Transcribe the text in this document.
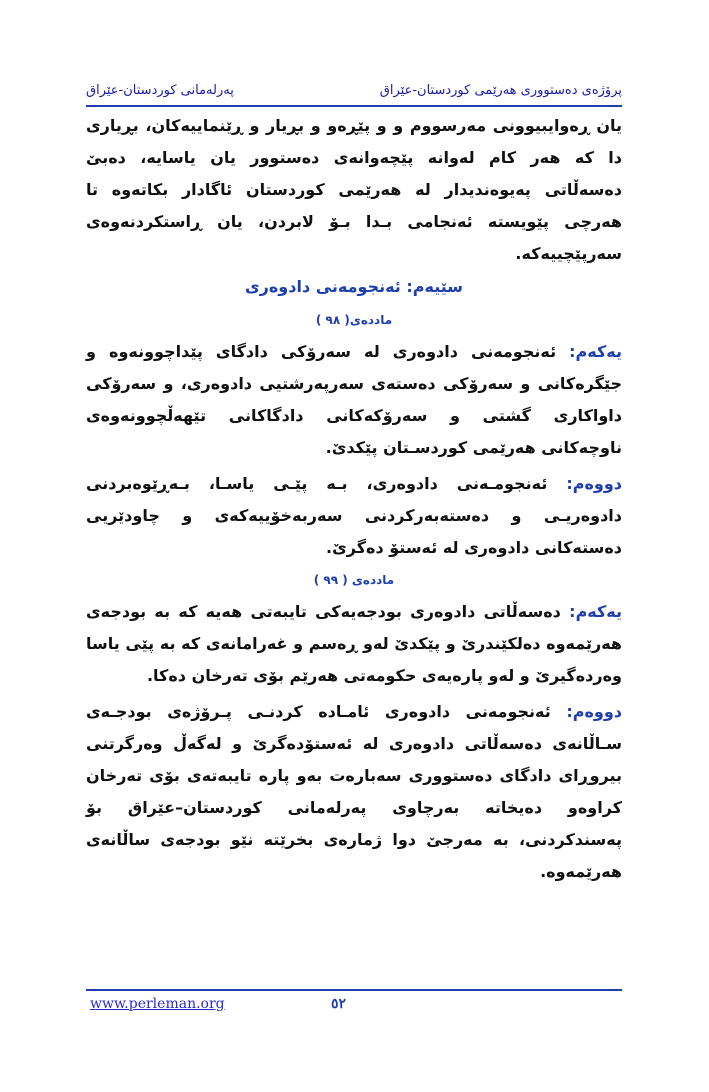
پەرلەمانی کوردستان-عێراق	پرۆژەی دەستووری هەرێمی کوردستان-عێراق

یان ڕەوایبیوونی مەرسووم و و پێڕەو و بڕیار و ڕێنماییەکان، بڕیاری دا کە هەر کام لەوانە پێچەوانەی دەستوور یان یاسایە، دەبێ دەسەڵاتی پەیوەندیدار لە هەرێمی کوردستان ئاگادار بکاتەوە تا هەرچی پێویستە ئەنجامی بـدا بـۆ لابردن، یان ڕاستکردنەوەی سەرپێچییەکە.

سێیەم: ئەنجومەنی دادوەری

ماددەی( ٩٨ )

یەکەم: ئەنجومەنی دادوەری لە سەرۆکی دادگای پێداچوونەوە و جێگرەکانی و سەرۆکی دەستەی سەرپەرشتیی دادوەری، و سەرۆکی داواکاری گشتی و سەرۆکەکانی دادگاکانی تێهەڵچوونەوەی ناوچەکانی هەرێمی کوردسـتان پێکدێ.

دووەم: ئەنجومـەنی دادوەری، بـە پێـی یاسـا، بـەڕێوەبردنی دادوەریـی و دەستەبەرکردنی سەربەخۆییەکەی و چاودێریی دەستەکانی دادوەری لە ئەستۆ دەگرێ.

ماددەی ( ٩٩ )

یەکەم: دەسەڵاتی دادوەری بودجەیەکی تایبەتی هەیە کە بە بودجەی هەرێمەوە دەلکێندرێ و پێکدێ لەو ڕەسم و غەرامانەی کە بە پێی یاسا وەردەگیرێ و لەو پارەیەی حکومەتی هەرێم بۆی تەرخان دەکا.

دووەم: ئەنجومەنی دادوەری ئامـادە کردنـی پـرۆژەی بودجـەی سـاڵانەی دەسەڵاتی دادوەری لە ئەستۆدەگرێ و لەگەڵ وەرگرتنی بیروڕای دادگای دەستووری سەبارەت بەو پارە تایبەتەی بۆی تەرخان کراوەو دەیخاتە بەرچاوی پەرلەمانی کوردستان–عێراق بۆ پەسندکردنی، بە مەرجێ دوا ژمارەی بخرێتە نێو بودجەی ساڵانەی هەرێمەوە.

www.perleman.org	٥٢
